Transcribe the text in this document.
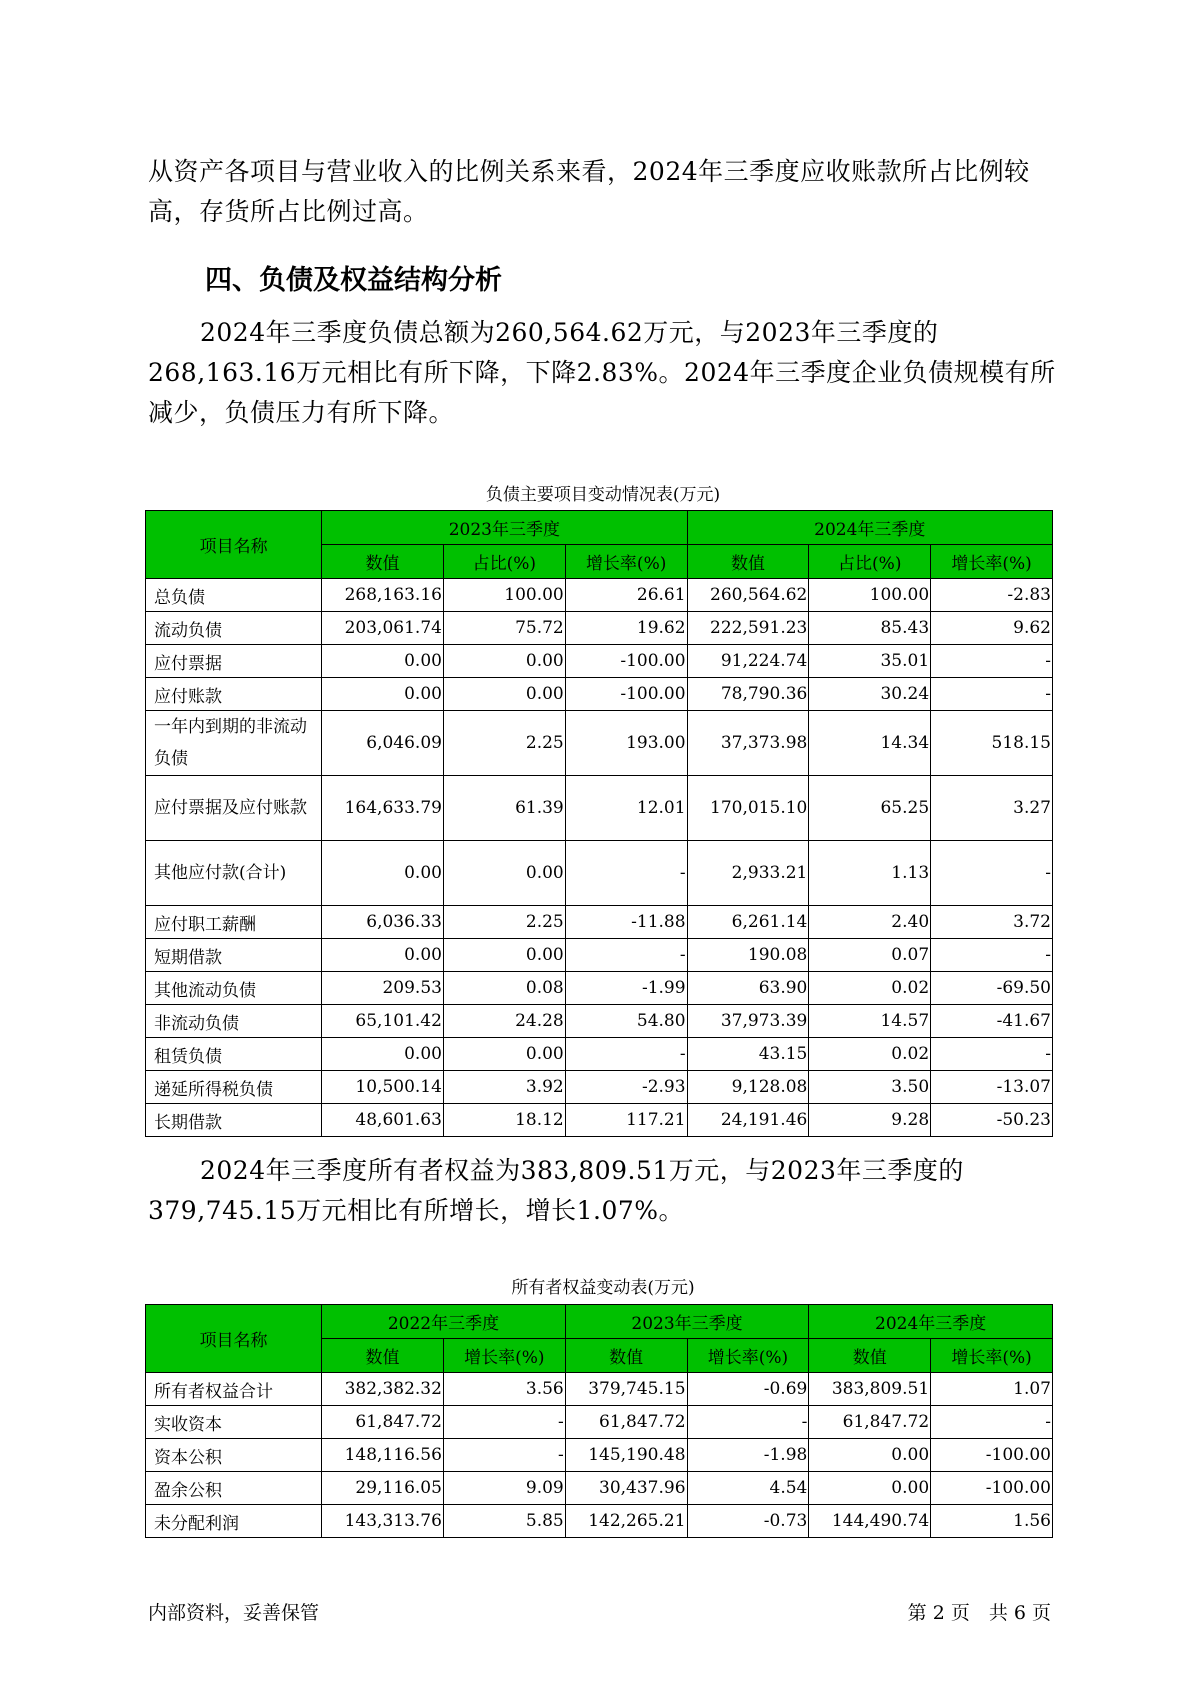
从资产各项目与营业收入的比例关系来看，2024年三季度应收账款所占比例较高，存货所占比例过高。

四、负债及权益结构分析

2024年三季度负债总额为260,564.62万元，与2023年三季度的268,163.16万元相比有所下降，下降2.83%。2024年三季度企业负债规模有所减少，负债压力有所下降。

负债主要项目变动情况表(万元)

项目名称	2023年三季度			2024年三季度		
	数值	占比(%)	增长率(%)	数值	占比(%)	增长率(%)
总负债	268,163.16	100.00	26.61	260,564.62	100.00	-2.83
流动负债	203,061.74	75.72	19.62	222,591.23	85.43	9.62
应付票据	0.00	0.00	-100.00	91,224.74	35.01	-
应付账款	0.00	0.00	-100.00	78,790.36	30.24	-
一年内到期的非流动负债	6,046.09	2.25	193.00	37,373.98	14.34	518.15
应付票据及应付账款	164,633.79	61.39	12.01	170,015.10	65.25	3.27
其他应付款(合计)	0.00	0.00	-	2,933.21	1.13	-
应付职工薪酬	6,036.33	2.25	-11.88	6,261.14	2.40	3.72
短期借款	0.00	0.00	-	190.08	0.07	-
其他流动负债	209.53	0.08	-1.99	63.90	0.02	-69.50
非流动负债	65,101.42	24.28	54.80	37,973.39	14.57	-41.67
租赁负债	0.00	0.00	-	43.15	0.02	-
递延所得税负债	10,500.14	3.92	-2.93	9,128.08	3.50	-13.07
长期借款	48,601.63	18.12	117.21	24,191.46	9.28	-50.23

2024年三季度所有者权益为383,809.51万元，与2023年三季度的379,745.15万元相比有所增长，增长1.07%。

所有者权益变动表(万元)

项目名称	2022年三季度		2023年三季度		2024年三季度	
	数值	增长率(%)	数值	增长率(%)	数值	增长率(%)
所有者权益合计	382,382.32	3.56	379,745.15	-0.69	383,809.51	1.07
实收资本	61,847.72	-	61,847.72	-	61,847.72	-
资本公积	148,116.56	-	145,190.48	-1.98	0.00	-100.00
盈余公积	29,116.05	9.09	30,437.96	4.54	0.00	-100.00
未分配利润	143,313.76	5.85	142,265.21	-0.73	144,490.74	1.56

内部资料，妥善保管	第 2 页　共 6 页
